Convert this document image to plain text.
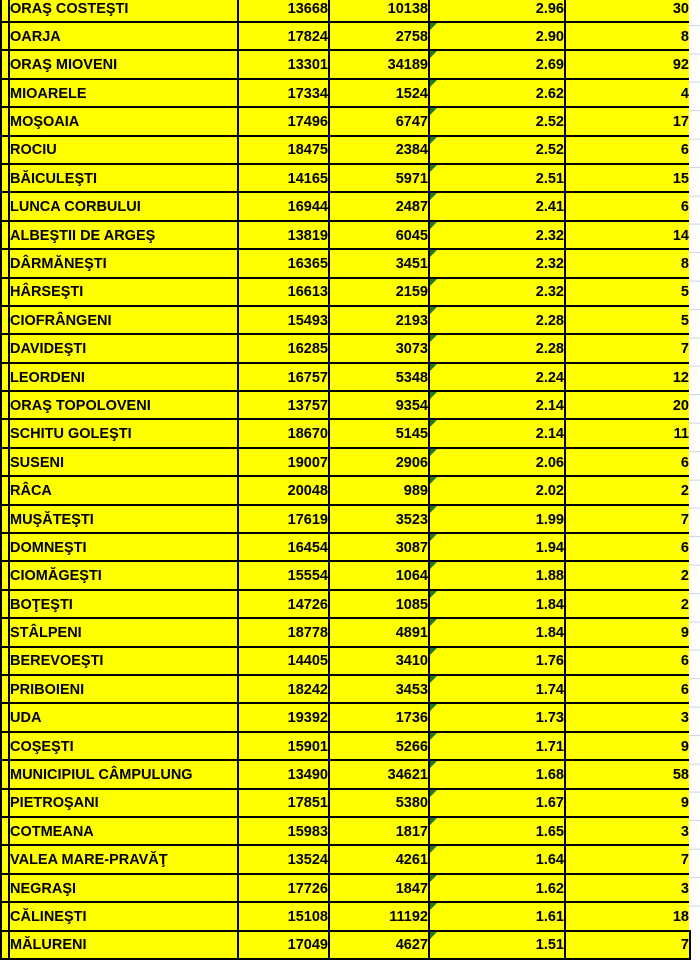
	ORAŞ COSTEŞTI	13668	10138	2.96	30
	OARJA	17824	2758	2.90	8
	ORAŞ MIOVENI	13301	34189	2.69	92
	MIOARELE	17334	1524	2.62	4
	MOŞOAIA	17496	6747	2.52	17
	ROCIU	18475	2384	2.52	6
	BĂICULEŞTI	14165	5971	2.51	15
	LUNCA CORBULUI	16944	2487	2.41	6
	ALBEŞTII DE ARGEŞ	13819	6045	2.32	14
	DÂRMĂNEŞTI	16365	3451	2.32	8
	HÂRSEŞTI	16613	2159	2.32	5
	CIOFRÂNGENI	15493	2193	2.28	5
	DAVIDEŞTI	16285	3073	2.28	7
	LEORDENI	16757	5348	2.24	12
	ORAŞ TOPOLOVENI	13757	9354	2.14	20
	SCHITU GOLEŞTI	18670	5145	2.14	11
	SUSENI	19007	2906	2.06	6
	RÂCA	20048	989	2.02	2
	MUŞĂTEŞTI	17619	3523	1.99	7
	DOMNEŞTI	16454	3087	1.94	6
	CIOMĂGEŞTI	15554	1064	1.88	2
	BOŢEŞTI	14726	1085	1.84	2
	STÂLPENI	18778	4891	1.84	9
	BEREVOEŞTI	14405	3410	1.76	6
	PRIBOIENI	18242	3453	1.74	6
	UDA	19392	1736	1.73	3
	COŞEŞTI	15901	5266	1.71	9
	MUNICIPIUL CÂMPULUNG	13490	34621	1.68	58
	PIETROŞANI	17851	5380	1.67	9
	COTMEANA	15983	1817	1.65	3
	VALEA MARE-PRAVĂŢ	13524	4261	1.64	7
	NEGRAŞI	17726	1847	1.62	3
	CĂLINEŞTI	15108	11192	1.61	18
	MĂLURENI	17049	4627	1.51	7
